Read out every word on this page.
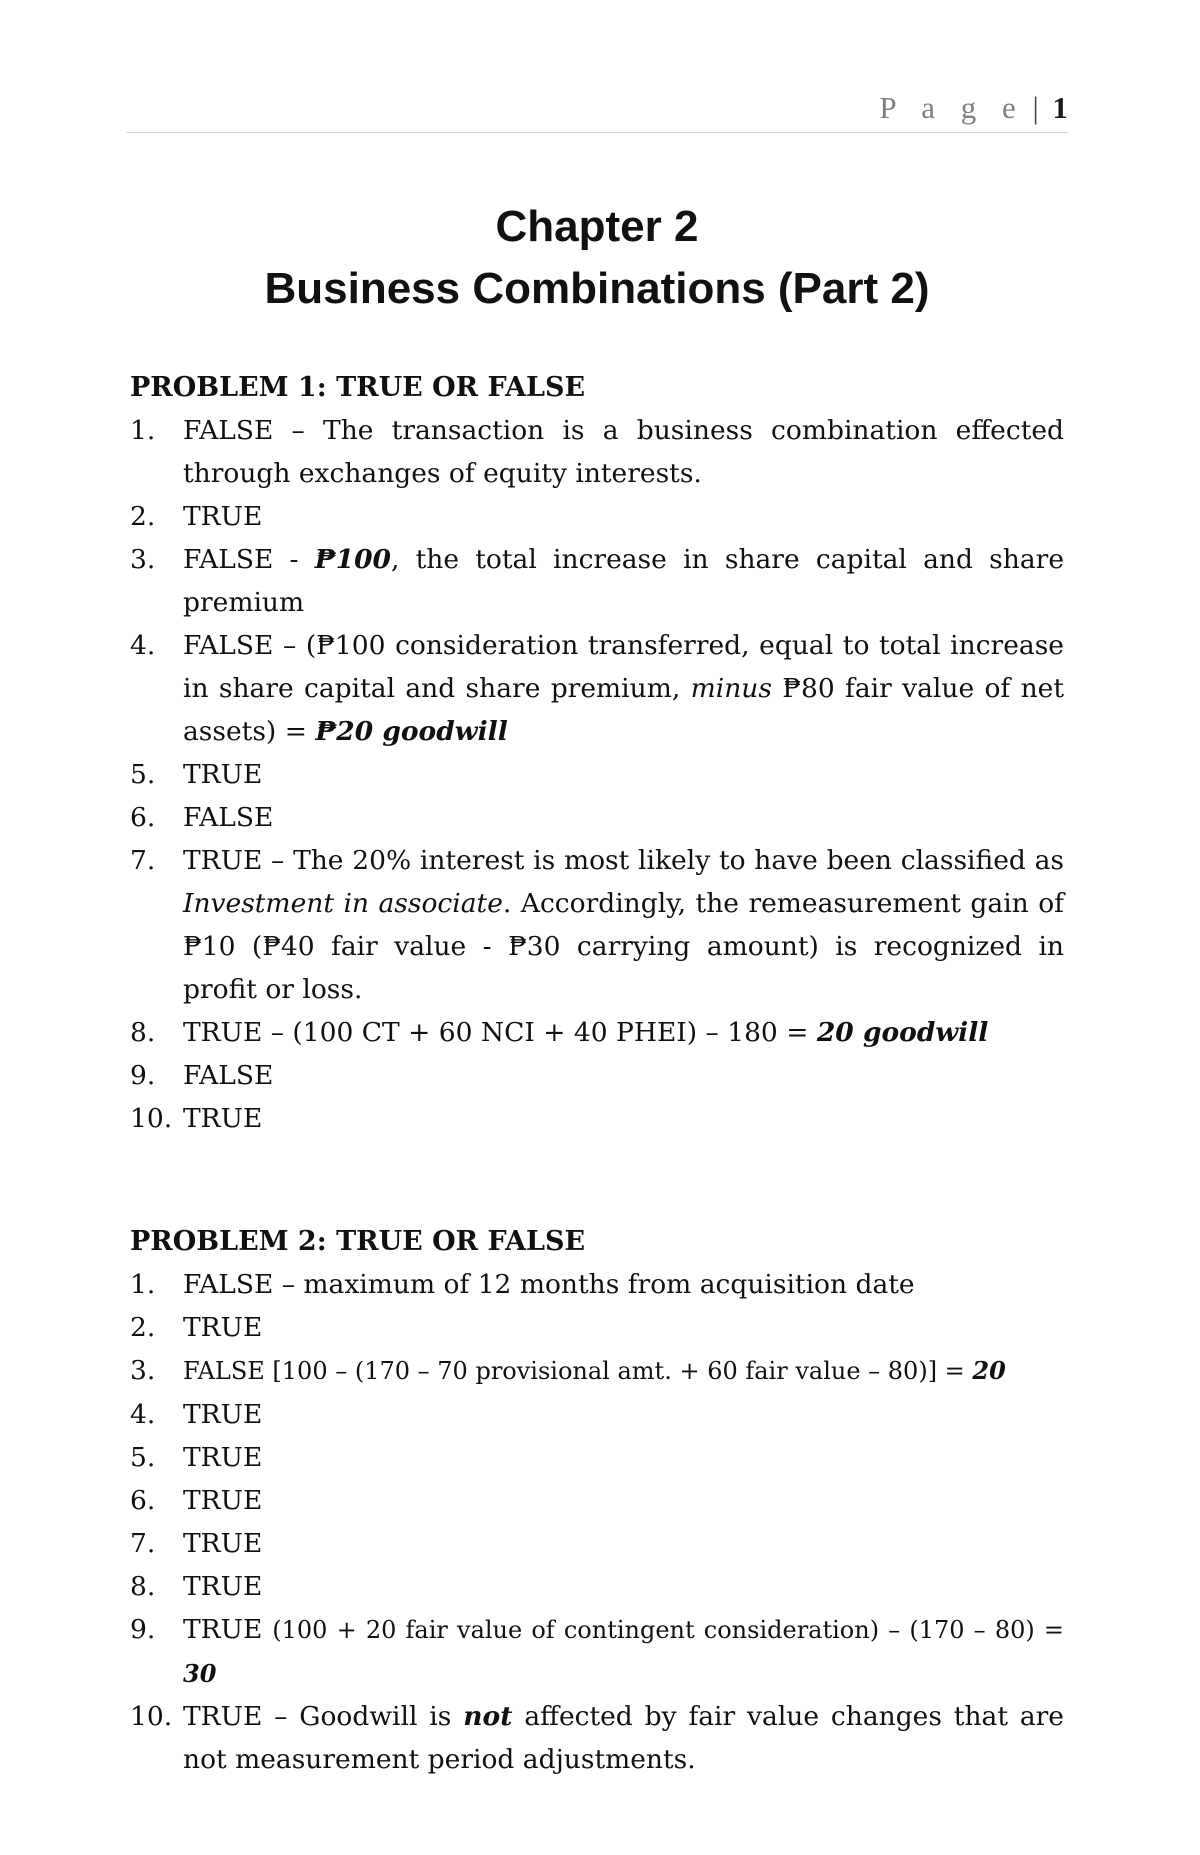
P a g e | 1
Chapter 2
Business Combinations (Part 2)
PROBLEM 1: TRUE OR FALSE
1. FALSE – The transaction is a business combination effected through exchanges of equity interests.
2. TRUE
3. FALSE - ₱100, the total increase in share capital and share premium
4. FALSE – (₱100 consideration transferred, equal to total increase in share capital and share premium, minus ₱80 fair value of net assets) = ₱20 goodwill
5. TRUE
6. FALSE
7. TRUE – The 20% interest is most likely to have been classified as Investment in associate. Accordingly, the remeasurement gain of ₱10 (₱40 fair value - ₱30 carrying amount) is recognized in profit or loss.
8. TRUE – (100 CT + 60 NCI + 40 PHEI) – 180 = 20 goodwill
9. FALSE
10. TRUE
PROBLEM 2: TRUE OR FALSE
1. FALSE – maximum of 12 months from acquisition date
2. TRUE
3. FALSE [100 – (170 – 70 provisional amt. + 60 fair value – 80)] = 20
4. TRUE
5. TRUE
6. TRUE
7. TRUE
8. TRUE
9. TRUE (100 + 20 fair value of contingent consideration) – (170 – 80) = 30
10. TRUE – Goodwill is not affected by fair value changes that are not measurement period adjustments.
